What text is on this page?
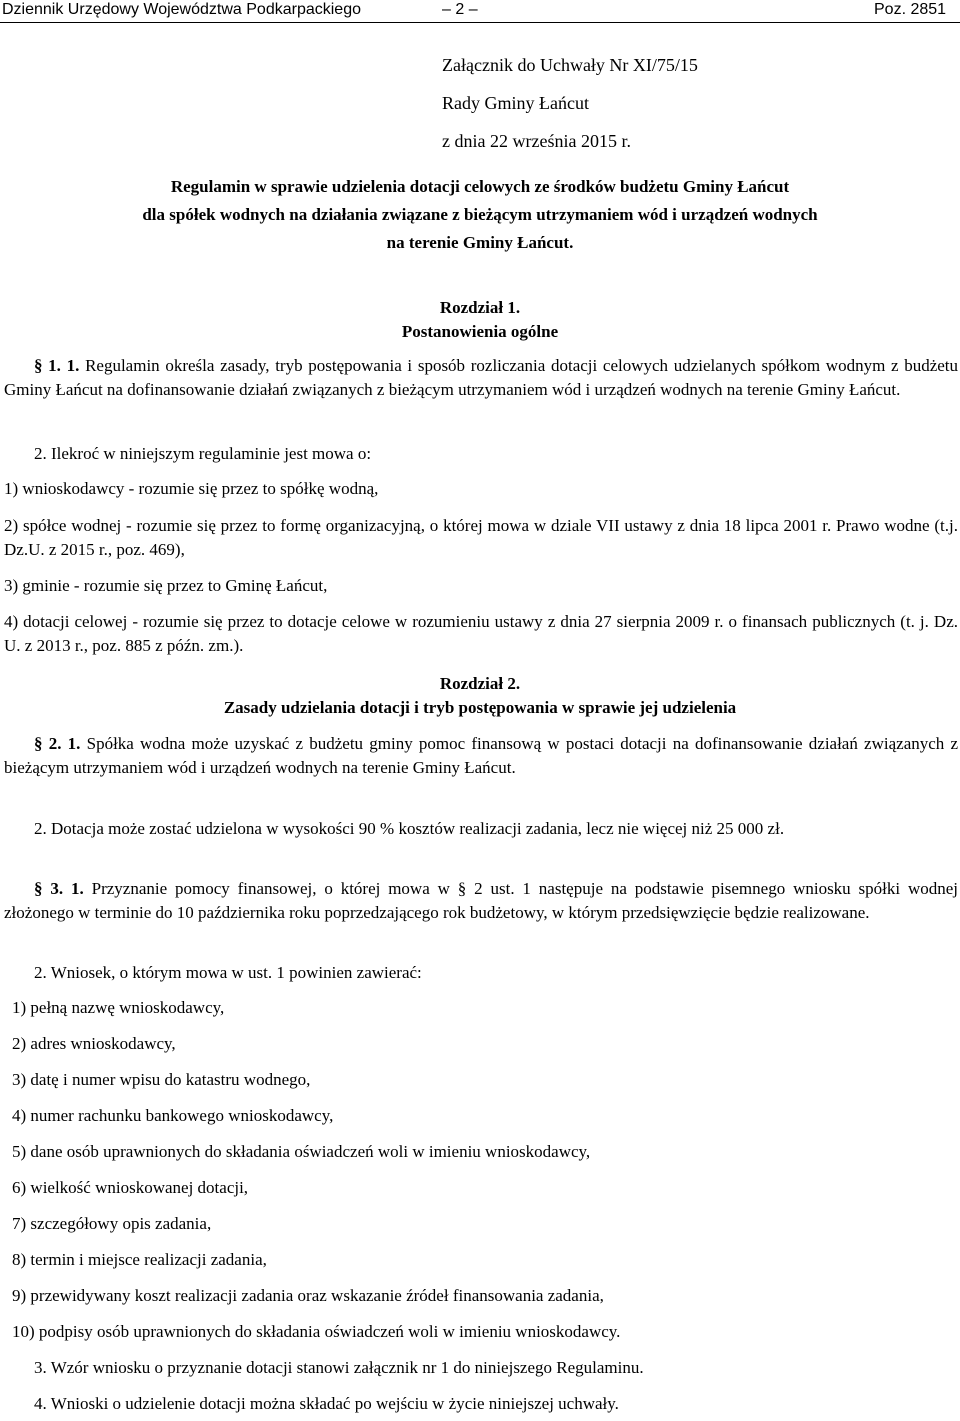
Dziennik Urzędowy Województwa Podkarpackiego	– 2 –	Poz. 2851
Załącznik do Uchwały Nr XI/75/15
Rady Gminy Łańcut
z dnia 22 września 2015 r.
Regulamin w sprawie udzielenia dotacji celowych ze środków budżetu Gminy Łańcut
dla spółek wodnych na działania związane z bieżącym utrzymaniem wód i urządzeń wodnych
na terenie Gminy Łańcut.
Rozdział 1.
Postanowienia ogólne
§ 1. 1. Regulamin określa zasady, tryb postępowania i sposób rozliczania dotacji celowych udzielanych spółkom wodnym z budżetu Gminy Łańcut na dofinansowanie działań związanych z bieżącym utrzymaniem wód i urządzeń wodnych na terenie Gminy Łańcut.
2. Ilekroć w niniejszym regulaminie jest mowa o:
1) wnioskodawcy - rozumie się przez to spółkę wodną,
2) spółce wodnej - rozumie się przez to formę organizacyjną, o której mowa w dziale VII ustawy z dnia 18 lipca 2001 r. Prawo wodne (t.j. Dz.U. z 2015 r., poz. 469),
3) gminie - rozumie się przez to Gminę Łańcut,
4) dotacji celowej - rozumie się przez to dotacje celowe w rozumieniu ustawy z dnia 27 sierpnia 2009 r. o finansach publicznych (t. j. Dz. U. z 2013 r., poz. 885 z późn. zm.).
Rozdział 2.
Zasady udzielania dotacji i tryb postępowania w sprawie jej udzielenia
§ 2. 1. Spółka wodna może uzyskać z budżetu gminy pomoc finansową w postaci dotacji na dofinansowanie działań związanych z bieżącym utrzymaniem wód i urządzeń wodnych na terenie Gminy Łańcut.
2. Dotacja może zostać udzielona w wysokości 90 % kosztów realizacji zadania, lecz nie więcej niż 25 000 zł.
§ 3. 1. Przyznanie pomocy finansowej, o której mowa w § 2 ust. 1 następuje na podstawie pisemnego wniosku spółki wodnej złożonego w terminie do 10 października roku poprzedzającego rok budżetowy, w którym przedsięwzięcie będzie realizowane.
2. Wniosek, o którym mowa w ust. 1 powinien zawierać:
1) pełną nazwę wnioskodawcy,
2) adres wnioskodawcy,
3) datę i numer wpisu do katastru wodnego,
4) numer rachunku bankowego wnioskodawcy,
5) dane osób uprawnionych do składania oświadczeń woli w imieniu wnioskodawcy,
6) wielkość wnioskowanej dotacji,
7) szczegółowy opis zadania,
8) termin i miejsce realizacji zadania,
9) przewidywany koszt realizacji zadania oraz wskazanie źródeł finansowania zadania,
10) podpisy osób uprawnionych do składania oświadczeń woli w imieniu wnioskodawcy.
3. Wzór wniosku o przyznanie dotacji stanowi załącznik nr 1 do niniejszego Regulaminu.
4. Wnioski o udzielenie dotacji można składać po wejściu w życie niniejszej uchwały.
